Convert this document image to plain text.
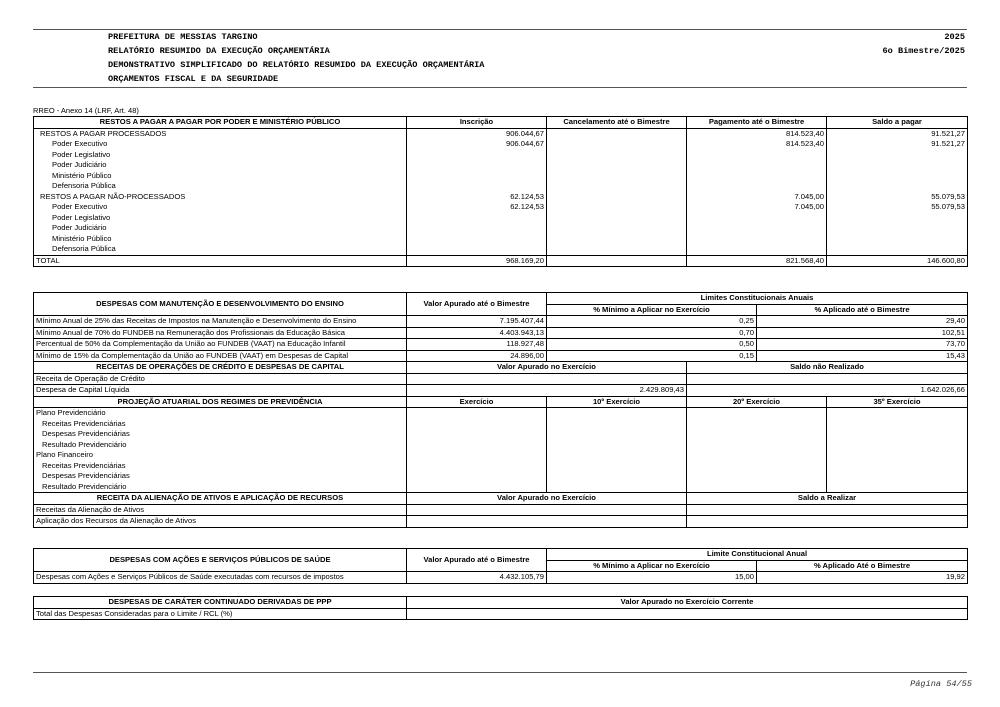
PREFEITURA DE MESSIAS TARGINO
RELATÓRIO RESUMIDO DA EXECUÇÃO ORÇAMENTÁRIA
DEMONSTRATIVO SIMPLIFICADO DO RELATÓRIO RESUMIDO DA EXECUÇÃO ORÇAMENTÁRIA
ORÇAMENTOS FISCAL E DA SEGURIDADE
2025
6o Bimestre/2025
RREO - Anexo 14 (LRF, Art. 48)
RESTOS A PAGAR A PAGAR POR PODER E MINISTÉRIO PÚBLICO	Inscrição	Cancelamento até o Bimestre	Pagamento até o Bimestre	Saldo a pagar
RESTOS A PAGAR PROCESSADOS	906.044,67		814.523,40	91.521,27
Poder Executivo	906.044,67		814.523,40	91.521,27
Poder Legislativo				
Poder Judiciário				
Ministério Público				
Defensoria Pública				
RESTOS A PAGAR NÃO-PROCESSADOS	62.124,53		7.045,00	55.079,53
Poder Executivo	62.124,53		7.045,00	55.079,53
Poder Legislativo				
Poder Judiciário				
Ministério Público				
Defensoria Pública				
TOTAL	968.169,20		821.568,40	146.600,80
DESPESAS COM MANUTENÇÃO E DESENVOLVIMENTO DO ENSINO	Valor Apurado até o Bimestre	Limites Constitucionais Anuais			
		% Mínimo a Aplicar no Exercício		% Aplicado até o Bimestre	
Mínimo Anual de 25% das Receitas de Impostos na Manutenção e Desenvolvimento do Ensino	7.195.407,44	0,25		29,40	
Mínimo Anual de 70% do FUNDEB na Remuneração dos Profissionais da Educação Básica	4.403.943,13	0,70		102,51	
Percentual de 50% da Complementação da União ao FUNDEB (VAAT) na Educação Infantil	118.927,48	0,50		73,70	
Mínimo de 15% da Complementação da União ao FUNDEB (VAAT) em Despesas de Capital	24.896,00	0,15		15,43	
RECEITAS DE OPERAÇÕES DE CRÉDITO E DESPESAS DE CAPITAL	Valor Apurado no Exercício		Saldo não Realizado		
Receita de Operação de Crédito					
Despesa de Capital Líquida	2.429.809,43		1.642.026,66		
PROJEÇÃO ATUARIAL DOS REGIMES DE PREVIDÊNCIA	Exercício	10º Exercício	20º Exercício		35º Exercício
Plano Previdenciário					
Receitas Previdenciárias					
Despesas Previdenciárias					
Resultado Previdenciário					
Plano Financeiro					
Receitas Previdenciárias					
Despesas Previdenciárias					
Resultado Previdenciário					
RECEITA DA ALIENAÇÃO DE ATIVOS E APLICAÇÃO DE RECURSOS	Valor Apurado no Exercício		Saldo a Realizar		
Receitas da Alienação de Ativos					
Aplicação dos Recursos da Alienação de Ativos					
DESPESAS COM AÇÕES E SERVIÇOS PÚBLICOS DE SAÚDE	Valor Apurado até o Bimestre	Limite Constitucional Anual	
		% Mínimo a Aplicar no Exercício	% Aplicado Até o Bimestre
Despesas com Ações e Serviços Públicos de Saúde executadas com recursos de impostos	4.432.105,79	15,00	19,92
DESPESAS DE CARÁTER CONTINUADO DERIVADAS DE PPP	Valor Apurado no Exercício Corrente
Total das Despesas Consideradas para o Limite / RCL (%)	
Página 54/55
